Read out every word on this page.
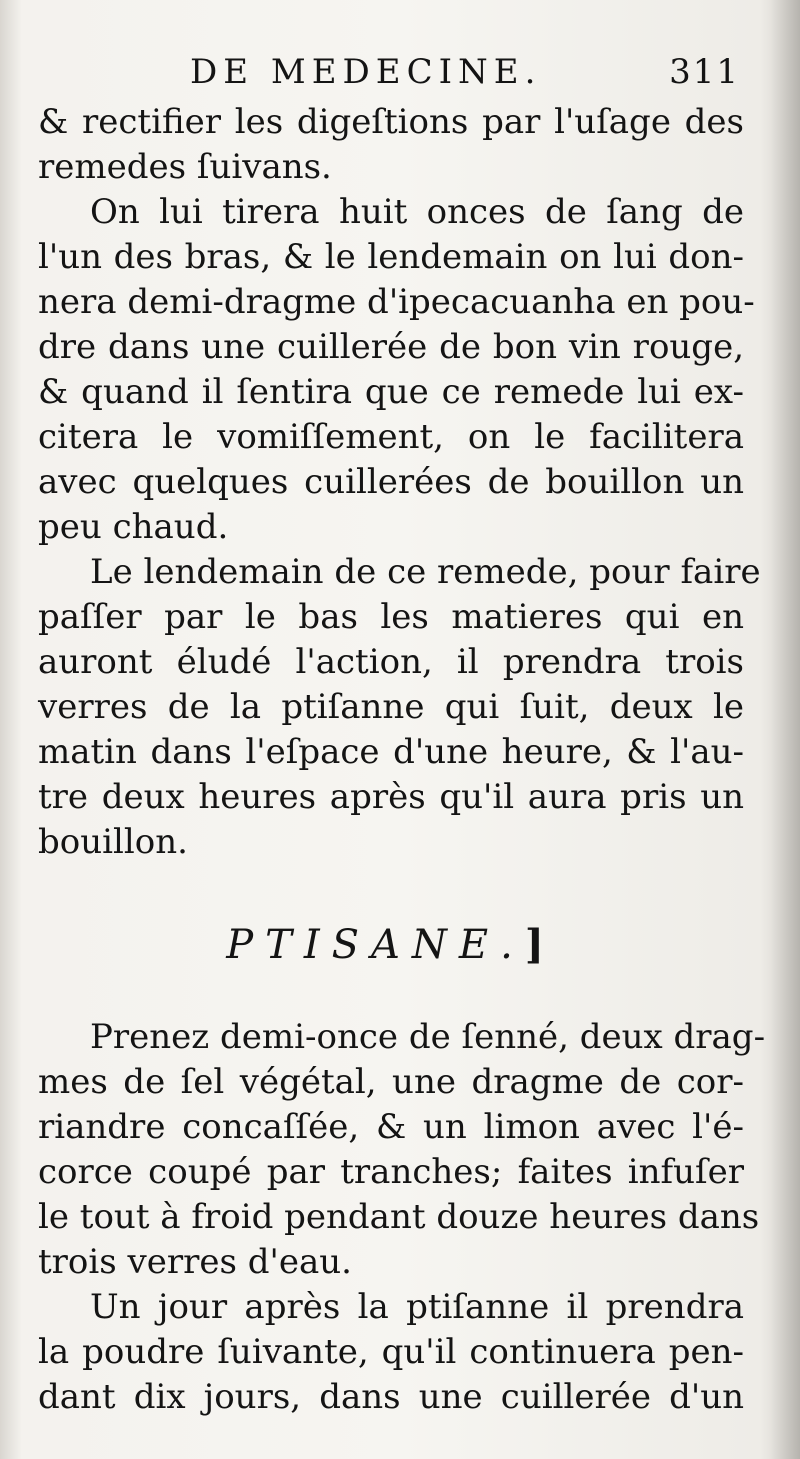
DE MEDECINE.	311
& rectifier les digeſtions par l'uſage des
remedes ſuivans.
On lui tirera huit onces de ſang de
l'un des bras, & le lendemain on lui don-
nera demi-dragme d'ipecacuanha en pou-
dre dans une cuillerée de bon vin rouge,
& quand il ſentira que ce remede lui ex-
citera le vomiſſement, on le facilitera
avec quelques cuillerées de bouillon un
peu chaud.
Le lendemain de ce remede, pour faire
paſſer par le bas les matieres qui en
auront éludé l'action, il prendra trois
verres de la ptiſanne qui ſuit, deux le
matin dans l'eſpace d'une heure, & l'au-
tre deux heures après qu'il aura pris un
bouillon.
PTISANE.]
Prenez demi-once de ſenné, deux drag-
mes de ſel végétal, une dragme de cor-
riandre concaſſée, & un limon avec l'é-
corce coupé par tranches; faites infuſer
le tout à froid pendant douze heures dans
trois verres d'eau.
Un jour après la ptiſanne il prendra
la poudre ſuivante, qu'il continuera pen-
dant dix jours, dans une cuillerée d'un
